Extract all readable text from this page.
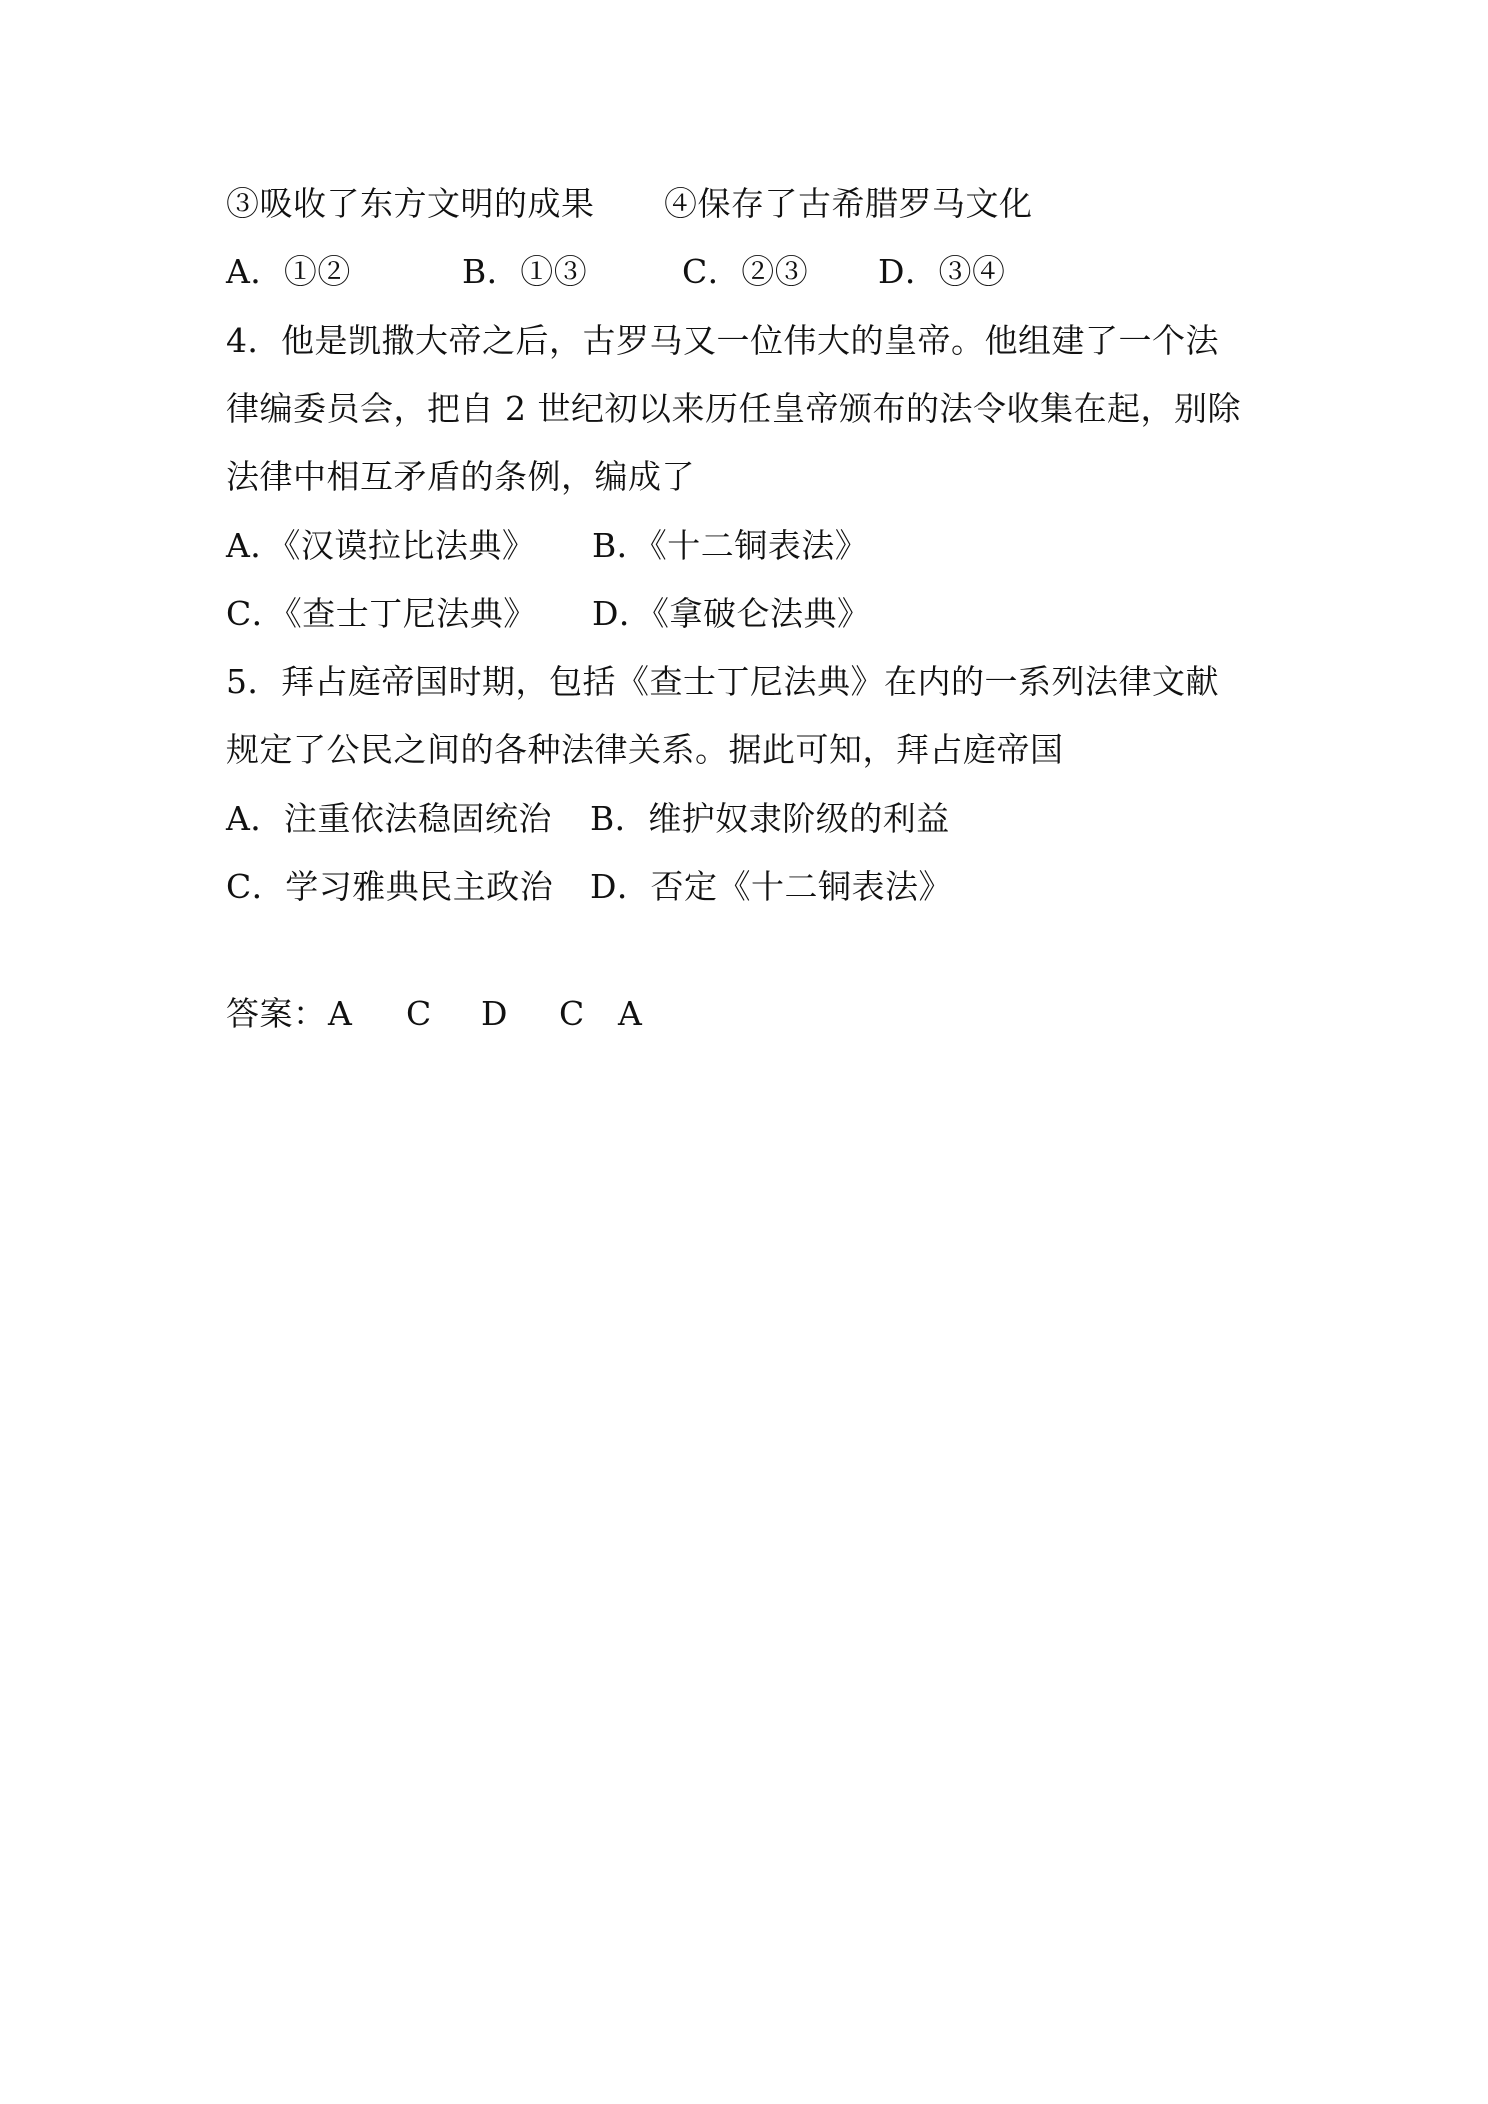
③吸收了东方文明的成果 ④保存了古希腊罗马文化
A．①②	B．①③	C．②③ D．③④
4．他是凯撒大帝之后，古罗马又一位伟大的皇帝。他组建了一个法
律编委员会，把自 2 世纪初以来历任皇帝颁布的法令收集在起，别除
法律中相互矛盾的条例，编成了
A．《汉谟拉比法典》 B．《十二铜表法》
C．《查士丁尼法典》 D．《拿破仑法典》
5．拜占庭帝国时期，包括《查士丁尼法典》在内的一系列法律文献
规定了公民之间的各种法律关系。据此可知，拜占庭帝国
A．注重依法稳固统治 B．维护奴隶阶级的利益
C．学习雅典民主政治 D．否定《十二铜表法》
答案： A C D C A
